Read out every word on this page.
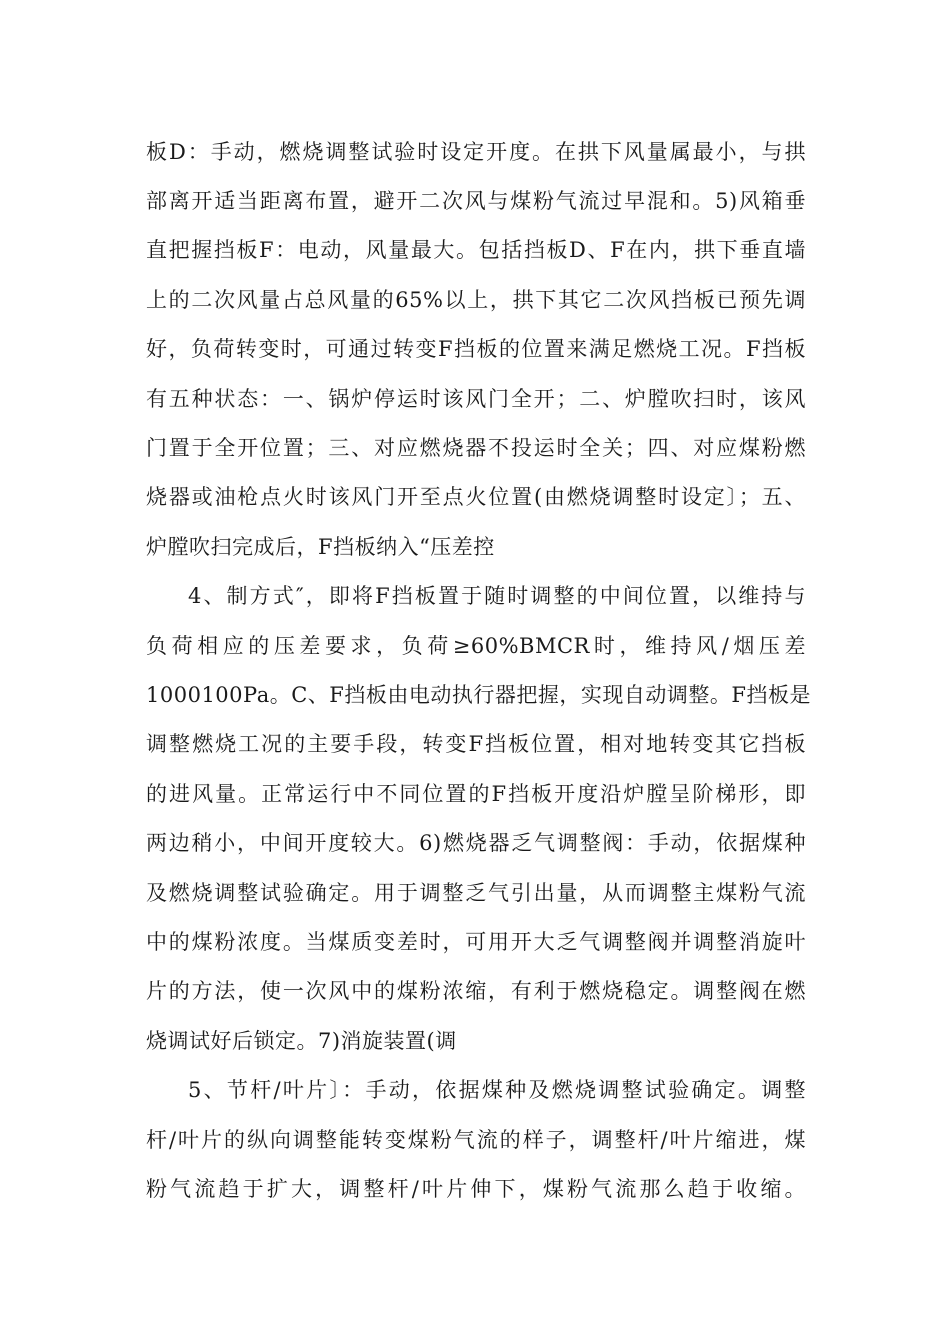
板D：手动，燃烧调整试验时设定开度。在拱下风量属最小，与拱
部离开适当距离布置，避开二次风与煤粉气流过早混和。5)风箱垂
直把握挡板F：电动，风量最大。包括挡板D、F在内，拱下垂直墙
上的二次风量占总风量的65%以上，拱下其它二次风挡板已预先调
好，负荷转变时，可通过转变F挡板的位置来满足燃烧工况。F挡板
有五种状态：一、锅炉停运时该风门全开；二、炉膛吹扫时，该风
门置于全开位置；三、对应燃烧器不投运时全关；四、对应煤粉燃
烧器或油枪点火时该风门开至点火位置(由燃烧调整时设定〕；五、
炉膛吹扫完成后，F挡板纳入“压差控
4、制方式″，即将F挡板置于随时调整的中间位置，以维持与
负荷相应的压差要求，负荷≥60%BMCR时，维持风/烟压差
1000100Pa。C、F挡板由电动执行器把握，实现自动调整。F挡板是
调整燃烧工况的主要手段，转变F挡板位置，相对地转变其它挡板
的进风量。正常运行中不同位置的F挡板开度沿炉膛呈阶梯形，即
两边稍小，中间开度较大。6)燃烧器乏气调整阀：手动，依据煤种
及燃烧调整试验确定。用于调整乏气引出量，从而调整主煤粉气流
中的煤粉浓度。当煤质变差时，可用开大乏气调整阀并调整消旋叶
片的方法，使一次风中的煤粉浓缩，有利于燃烧稳定。调整阀在燃
烧调试好后锁定。7)消旋装置(调
5、节杆/叶片〕：手动，依据煤种及燃烧调整试验确定。调整
杆/叶片的纵向调整能转变煤粉气流的样子，调整杆/叶片缩进，煤
粉气流趋于扩大，调整杆/叶片伸下，煤粉气流那么趋于收缩。
